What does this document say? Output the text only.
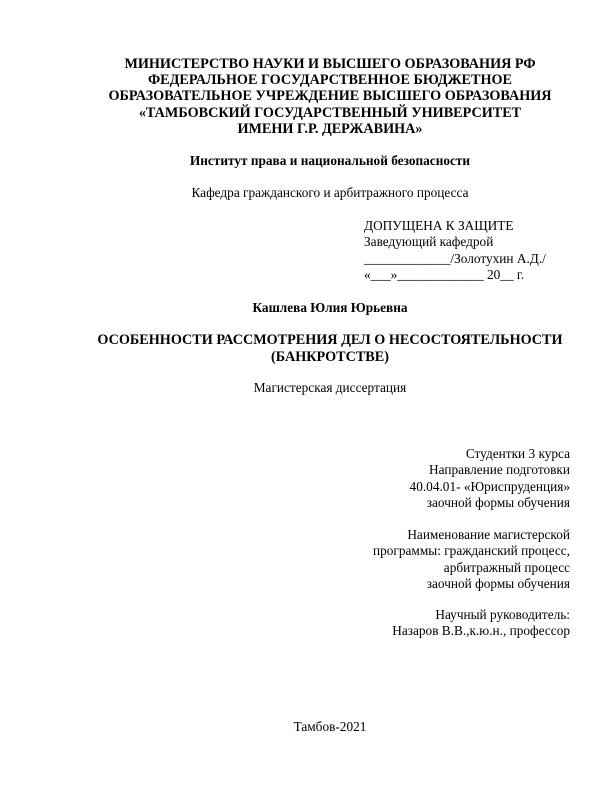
МИНИСТЕРСТВО НАУКИ И ВЫСШЕГО ОБРАЗОВАНИЯ РФ
ФЕДЕРАЛЬНОЕ ГОСУДАРСТВЕННОЕ БЮДЖЕТНОЕ
ОБРАЗОВАТЕЛЬНОЕ УЧРЕЖДЕНИЕ ВЫСШЕГО ОБРАЗОВАНИЯ
«ТАМБОВСКИЙ ГОСУДАРСТВЕННЫЙ УНИВЕРСИТЕТ
ИМЕНИ Г.Р. ДЕРЖАВИНА»
Институт права и национальной безопасности
Кафедра гражданского и арбитражного процесса
ДОПУЩЕНА К ЗАЩИТЕ
Заведующий кафедрой
_____________/Золотухин А.Д./
«___»_____________ 20__ г.
Кашлева Юлия Юрьевна
ОСОБЕННОСТИ РАССМОТРЕНИЯ ДЕЛ О НЕСОСТОЯТЕЛЬНОСТИ
(БАНКРОТСТВЕ)
Магистерская диссертация
Студентки 3 курса
Направление подготовки
40.04.01- «Юриспруденция»
заочной формы обучения
Наименование магистерской
программы: гражданский процесс,
арбитражный процесс
заочной формы обучения
Научный руководитель:
Назаров В.В.,к.ю.н., профессор
Тамбов-2021
